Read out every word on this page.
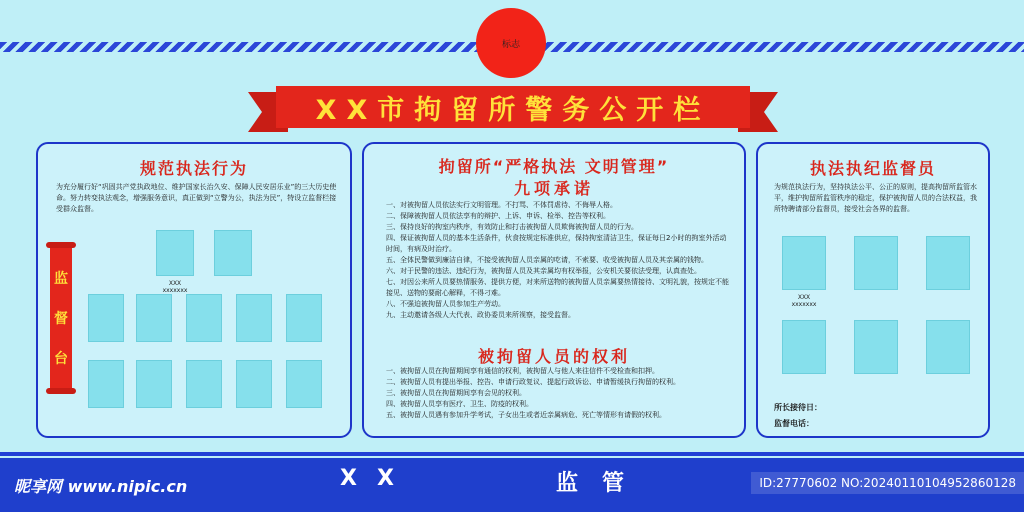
标志
XX市拘留所警务公开栏
规范执法行为
为充分履行好“巩固共产党执政地位、维护国家长治久安、保障人民安居乐业”的三大历史使命。努力转变执法观念，增强服务意识，真正做到“立警为公，执法为民”，特设立监督栏接受群众监督。
XXX
xxxxxxx
监
督
台
拘留所“严格执法 文明管理”
九项承诺
一、对被拘留人员依法实行文明管理。不打骂、不体罚虐待、不侮辱人格。
二、保障被拘留人员依法享有的辩护、上诉、申诉、检举、控告等权利。
三、保持良好的拘室内秩序，有效防止和打击被拘留人员欺侮被拘留人员的行为。
四、保证被拘留人员的基本生活条件，伙食按规定标准供应，保持拘室清洁卫生，保证每日2小时的拘室外活动时间，有病及时治疗。
五、全体民警做到廉洁自律，不接受被拘留人员亲属的吃请，不索要、收受被拘留人员及其亲属的钱物。
六、对于民警的违法、违纪行为，被拘留人员及其亲属均有权举报，公安机关要依法受理，认真查处。
七、对因公来所人员要热情服务、提供方便，对来所送物的被拘留人员亲属要热情接待、文明礼貌，按规定不能接见、送物的要耐心解释，不得刁难。
八、不强迫被拘留人员参加生产劳动。
九、主动邀请各级人大代表、政协委员来所视察，接受监督。
被拘留人员的权利
一、被拘留人员在拘留期间享有通信的权利，被拘留人与他人来往信件不受检查和扣押。
二、被拘留人员有提出举报、控告、申请行政复议、提起行政诉讼、申请暂缓执行拘留的权利。
三、被拘留人员在拘留期间享有会见的权利。
四、被拘留人员享有医疗、卫生、防疫的权利。
五、被拘留人员遇有参加升学考试，子女出生或者近亲属病危、死亡等情形有请假的权利。
执法执纪监督员
为规范执法行为，坚持执法公平、公正的原则，提高拘留所监管水平，维护拘留所监管秩序的稳定，保护被拘留人员的合法权益，我所特聘请部分监督员，接受社会各界的监督。
XXX
xxxxxxx
所长接待日：
监督电话：
昵享网 www.nipic.cn	XX	监管	ID:27770602 NO:20240110104952860128
